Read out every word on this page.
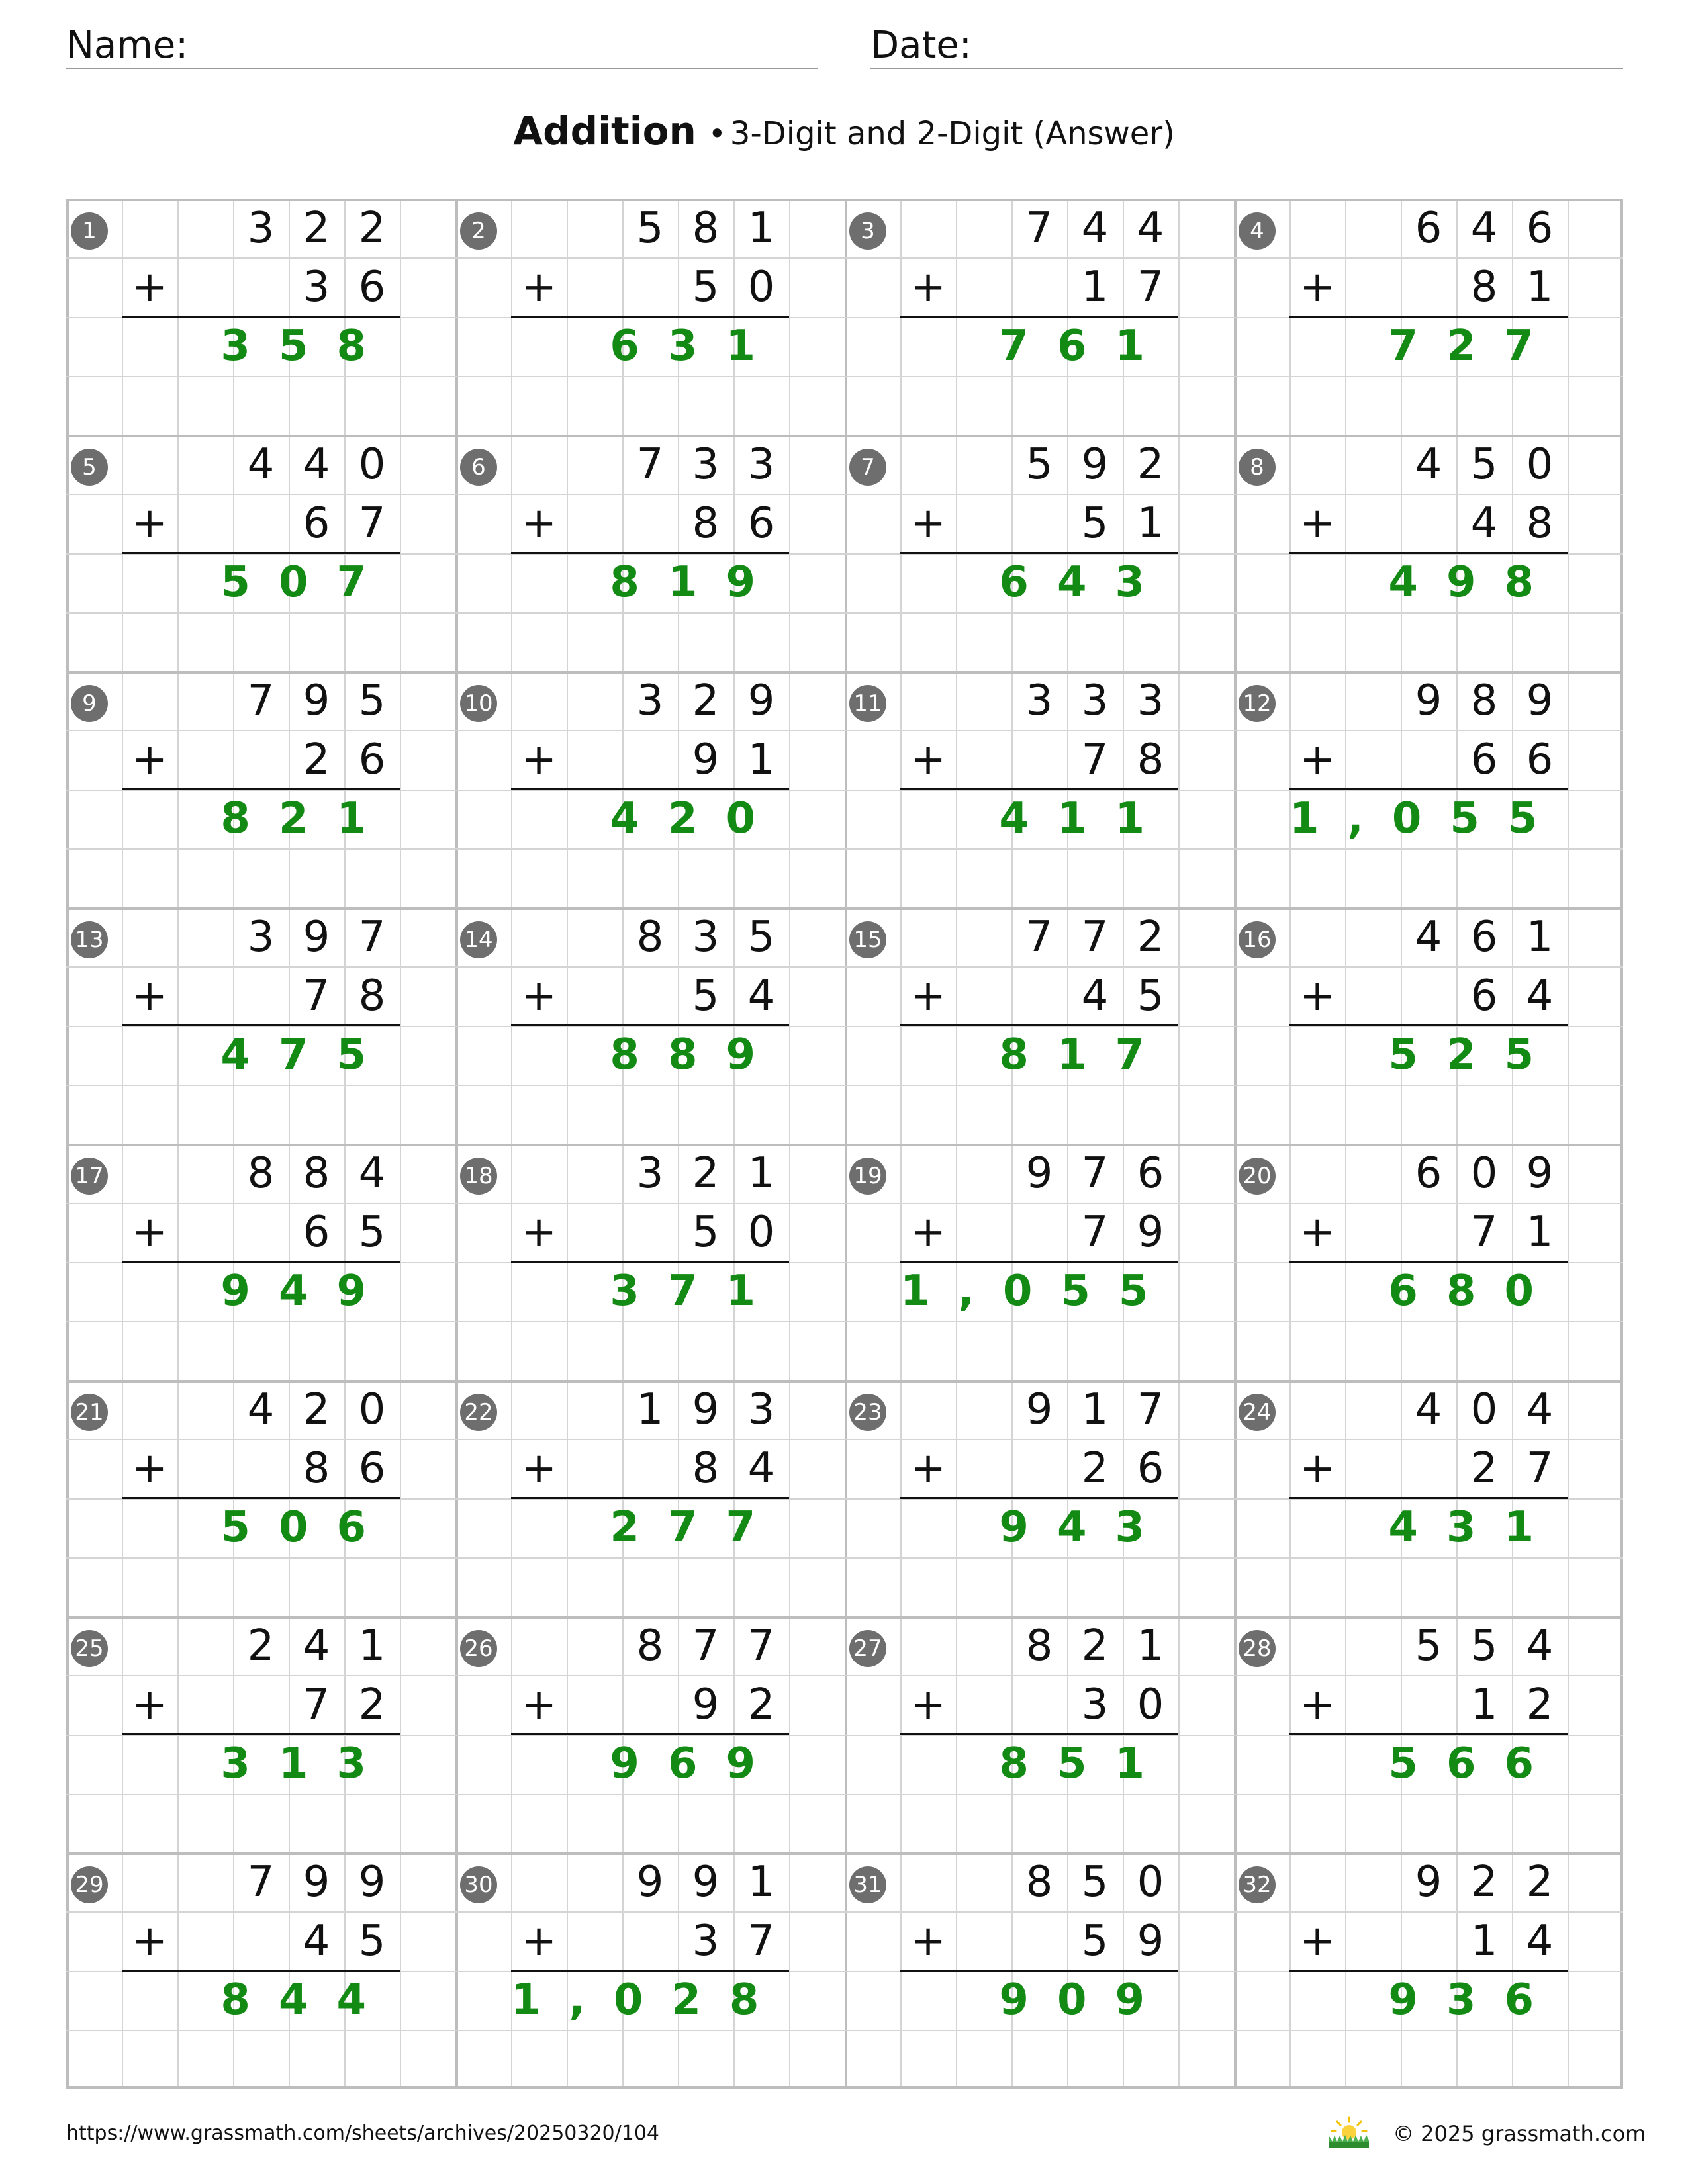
Name:	Date:
Addition • 3-Digit and 2-Digit (Answer)
1	3 2 2
+	3 6
358
2	5 8 1
+	5 0
631
3	7 4 4
+	1 7
761
4	6 4 6
+	8 1
727
5	4 4 0
+	6 7
507
6	7 3 3
+	8 6
819
7	5 9 2
+	5 1
643
8	4 5 0
+	4 8
498
9	7 9 5
+	2 6
821
10	3 2 9
+	9 1
420
11	3 3 3
+	7 8
411
12	9 8 9
+	6 6
1,055
13	3 9 7
+	7 8
475
14	8 3 5
+	5 4
889
15	7 7 2
+	4 5
817
16	4 6 1
+	6 4
525
17	8 8 4
+	6 5
949
18	3 2 1
+	5 0
371
19	9 7 6
+	7 9
1,055
20	6 0 9
+	7 1
680
21	4 2 0
+	8 6
506
22	1 9 3
+	8 4
277
23	9 1 7
+	2 6
943
24	4 0 4
+	2 7
431
25	2 4 1
+	7 2
313
26	8 7 7
+	9 2
969
27	8 2 1
+	3 0
851
28	5 5 4
+	1 2
566
29	7 9 9
+	4 5
844
30	9 9 1
+	3 7
1,028
31	8 5 0
+	5 9
909
32	9 2 2
+	1 4
936
https://www.grassmath.com/sheets/archives/20250320/104	© 2025 grassmath.com
